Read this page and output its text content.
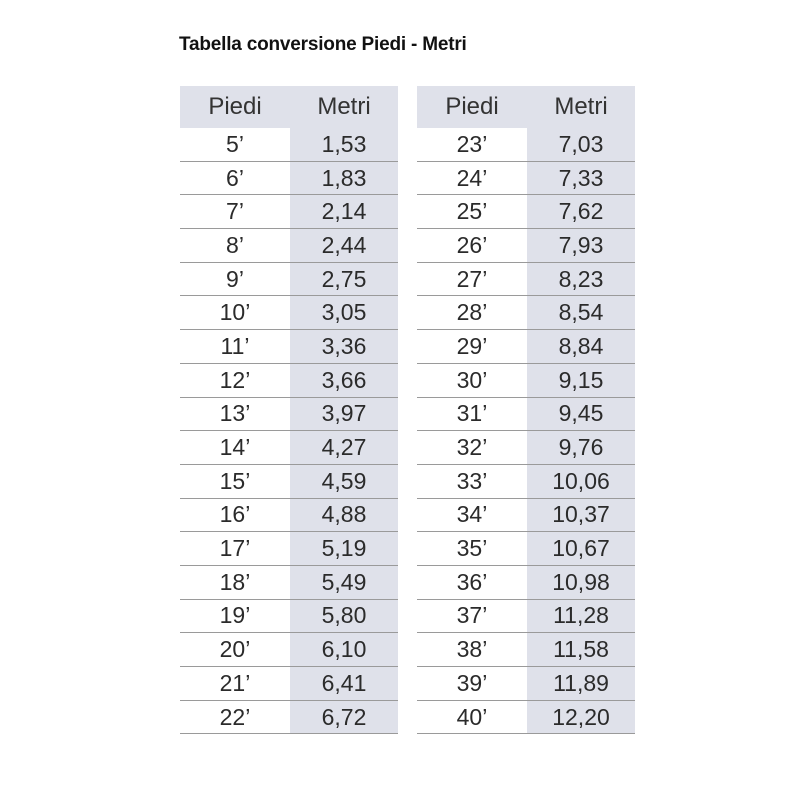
Tabella conversione Piedi - Metri
Piedi	Metri
5’	1,53
6’	1,83
7’	2,14
8’	2,44
9’	2,75
10’	3,05
11’	3,36
12’	3,66
13’	3,97
14’	4,27
15’	4,59
16’	4,88
17’	5,19
18’	5,49
19’	5,80
20’	6,10
21’	6,41
22’	6,72
Piedi	Metri
23’	7,03
24’	7,33
25’	7,62
26’	7,93
27’	8,23
28’	8,54
29’	8,84
30’	9,15
31’	9,45
32’	9,76
33’	10,06
34’	10,37
35’	10,67
36’	10,98
37’	11,28
38’	11,58
39’	11,89
40’	12,20
